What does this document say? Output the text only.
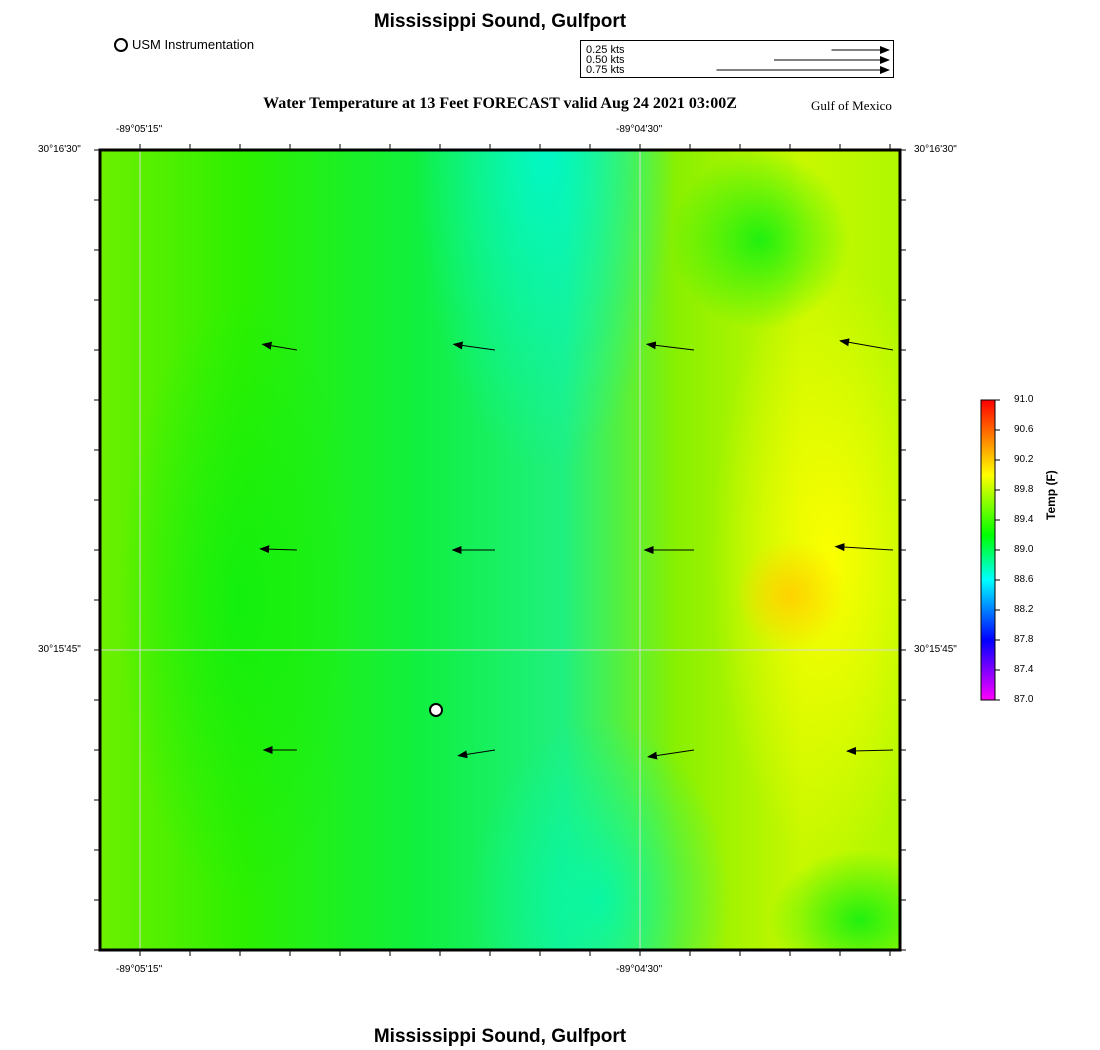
Mississippi Sound, Gulfport
USM Instrumentation	0.25 kts
0.50 kts
0.75 kts
Water Temperature at 13 Feet FORECAST valid Aug 24 2021 03:00Z	Gulf of Mexico
-89°05'15"	-89°04'30"
-89°05'15"	-89°04'30"
30°16'30"
30°15'45"
30°16'30"
30°15'45"
91.0
90.6
90.2
89.8
89.4
89.0
88.6
88.2
87.8
87.4
87.0
Temp (F)
Mississippi Sound, Gulfport
